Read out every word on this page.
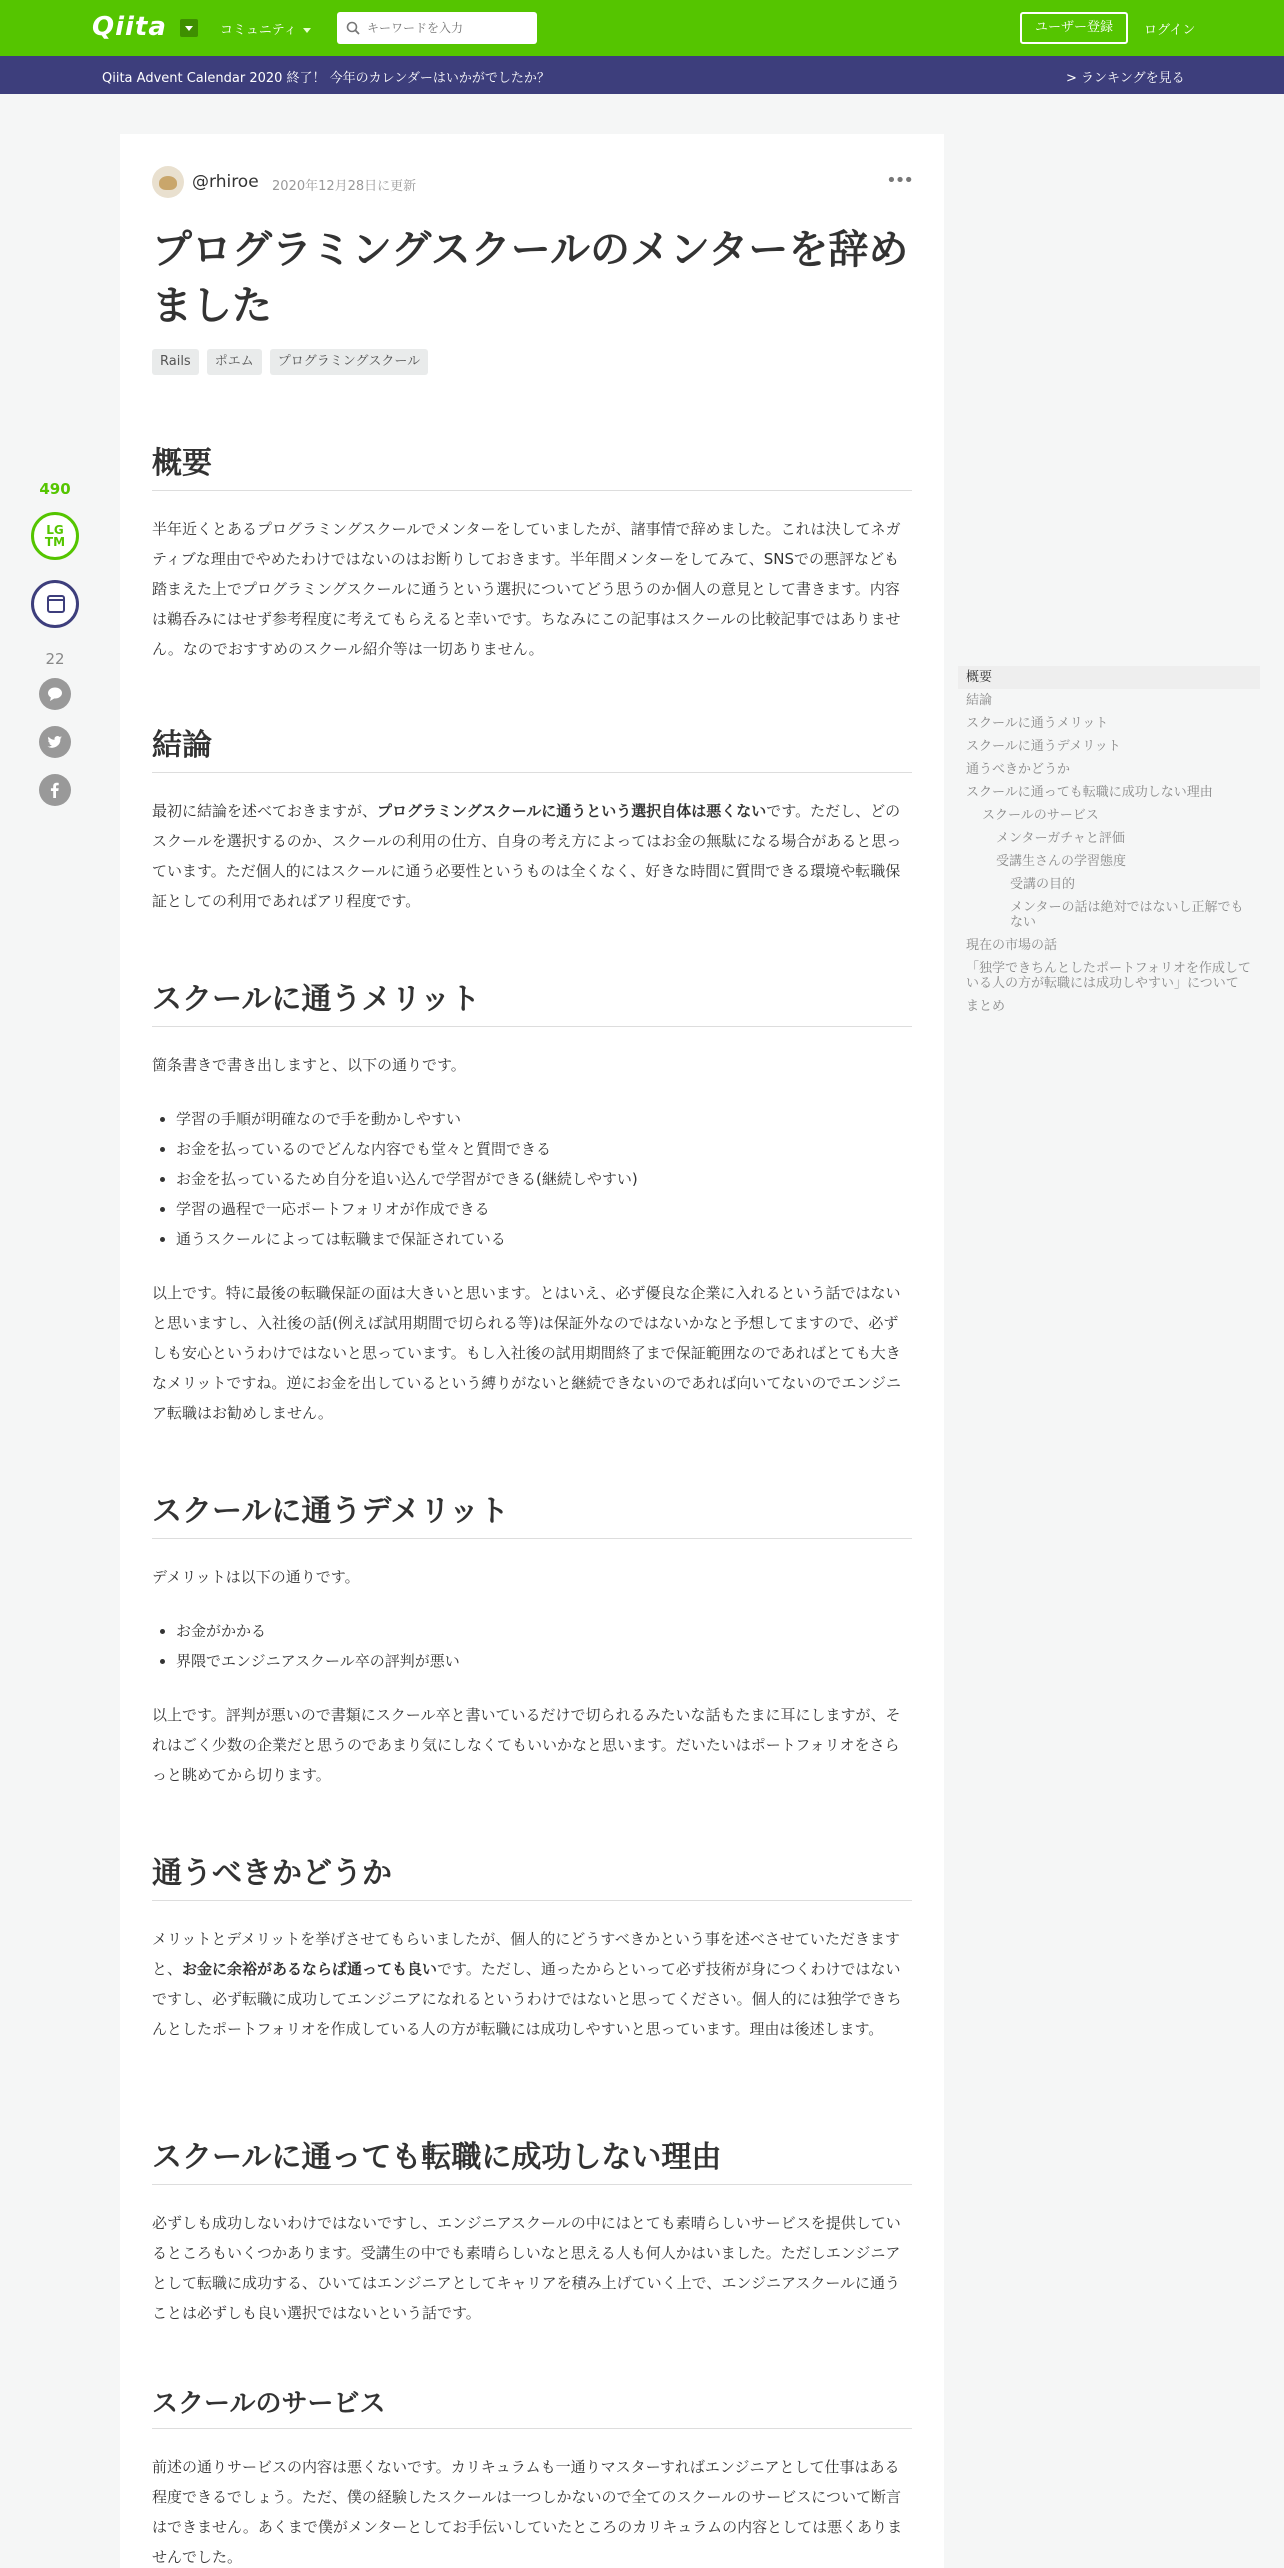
Qiita	コミュニティ
キーワードを入力	ユーザー登録	ログイン
Qiita Advent Calendar 2020 終了！ 今年のカレンダーはいかがでしたか？	> ランキングを見る
490
LG
TM
22
@rhiroe 2020年12月28日に更新	•••
プログラミングスクールのメンターを辞めました
Rails ポエム プログラミングスクール
概要

半年近くとあるプログラミングスクールでメンターをしていましたが、諸事情で辞めました。これは決してネガティブな理由でやめたわけではないのはお断りしておきます。半年間メンターをしてみて、SNSでの悪評なども踏まえた上でプログラミングスクールに通うという選択についてどう思うのか個人の意見として書きます。内容は鵜呑みにはせず参考程度に考えてもらえると幸いです。ちなみにこの記事はスクールの比較記事ではありません。なのでおすすめのスクール紹介等は一切ありません。

結論

最初に結論を述べておきますが、プログラミングスクールに通うという選択自体は悪くないです。ただし、どのスクールを選択するのか、スクールの利用の仕方、自身の考え方によってはお金の無駄になる場合があると思っています。ただ個人的にはスクールに通う必要性というものは全くなく、好きな時間に質問できる環境や転職保証としての利用であればアリ程度です。

スクールに通うメリット

箇条書きで書き出しますと、以下の通りです。

• 学習の手順が明確なので手を動かしやすい
• お金を払っているのでどんな内容でも堂々と質問できる
• お金を払っているため自分を追い込んで学習ができる(継続しやすい)
• 学習の過程で一応ポートフォリオが作成できる
• 通うスクールによっては転職まで保証されている

以上です。特に最後の転職保証の面は大きいと思います。とはいえ、必ず優良な企業に入れるという話ではないと思いますし、入社後の話(例えば試用期間で切られる等)は保証外なのではないかなと予想してますので、必ずしも安心というわけではないと思っています。もし入社後の試用期間終了まで保証範囲なのであればとても大きなメリットですね。逆にお金を出しているという縛りがないと継続できないのであれば向いてないのでエンジニア転職はお勧めしません。

スクールに通うデメリット

デメリットは以下の通りです。

• お金がかかる
• 界隈でエンジニアスクール卒の評判が悪い

以上です。評判が悪いので書類にスクール卒と書いているだけで切られるみたいな話もたまに耳にしますが、それはごく少数の企業だと思うのであまり気にしなくてもいいかなと思います。だいたいはポートフォリオをさらっと眺めてから切ります。

通うべきかどうか

メリットとデメリットを挙げさせてもらいましたが、個人的にどうすべきかという事を述べさせていただきますと、お金に余裕があるならば通っても良いです。ただし、通ったからといって必ず技術が身につくわけではないですし、必ず転職に成功してエンジニアになれるというわけではないと思ってください。個人的には独学できちんとしたポートフォリオを作成している人の方が転職には成功しやすいと思っています。理由は後述します。

スクールに通っても転職に成功しない理由

必ずしも成功しないわけではないですし、エンジニアスクールの中にはとても素晴らしいサービスを提供しているところもいくつかあります。受講生の中でも素晴らしいなと思える人も何人かはいました。ただしエンジニアとして転職に成功する、ひいてはエンジニアとしてキャリアを積み上げていく上で、エンジニアスクールに通うことは必ずしも良い選択ではないという話です。

スクールのサービス

前述の通りサービスの内容は悪くないです。カリキュラムも一通りマスターすればエンジニアとして仕事はある程度できるでしょう。ただ、僕の経験したスクールは一つしかないので全てのスクールのサービスについて断言はできません。あくまで僕がメンターとしてお手伝いしていたところのカリキュラムの内容としては悪くありませんでした。

概要
結論
スクールに通うメリット
スクールに通うデメリット
通うべきかどうか
スクールに通っても転職に成功しない理由
スクールのサービス
メンターガチャと評価
受講生さんの学習態度
受講の目的
メンターの話は絶対ではないし正解でもない
現在の市場の話
「独学できちんとしたポートフォリオを作成している人の方が転職には成功しやすい」について
まとめ
